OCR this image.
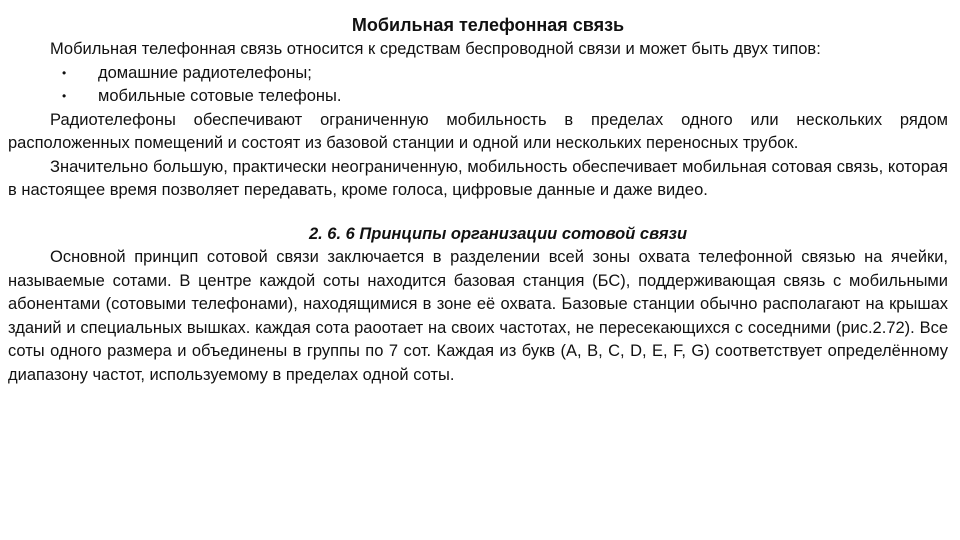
Мобильная телефонная связь

Мобильная телефонная связь относится к средствам беспроводной связи и может быть двух типов:

• домашние радиотелефоны;
• мобильные сотовые телефоны.

Радиотелефоны обеспечивают ограниченную мобильность в пределах одного или нескольких рядом расположенных помещений и состоят из базовой станции и одной или нескольких переносных трубок.

Значительно большую, практически неограниченную, мобильность обеспечивает мобильная сотовая связь, которая в настоящее время позволяет передавать, кроме голоса, цифровые данные и даже видео.

2. 6. 6 Принципы организации сотовой связи

Основной принцип сотовой связи заключается в разделении всей зоны охвата телефонной связью на ячейки, называемые сотами. В центре каждой соты находится базовая станция (БС), поддерживающая связь с мобильными абонентами (сотовыми телефонами), находящимися в зоне её охвата. Базовые станции обычно располагают на крышах зданий и специальных вышках. каждая сота раоотает на своих частотах, не пересекающихся с соседними (рис.2.72). Все соты одного размера и объединены в группы по 7 сот. Каждая из букв (A, B, C, D, E, F, G) соответствует определённому диапазону частот, используемому в пределах одной соты.
